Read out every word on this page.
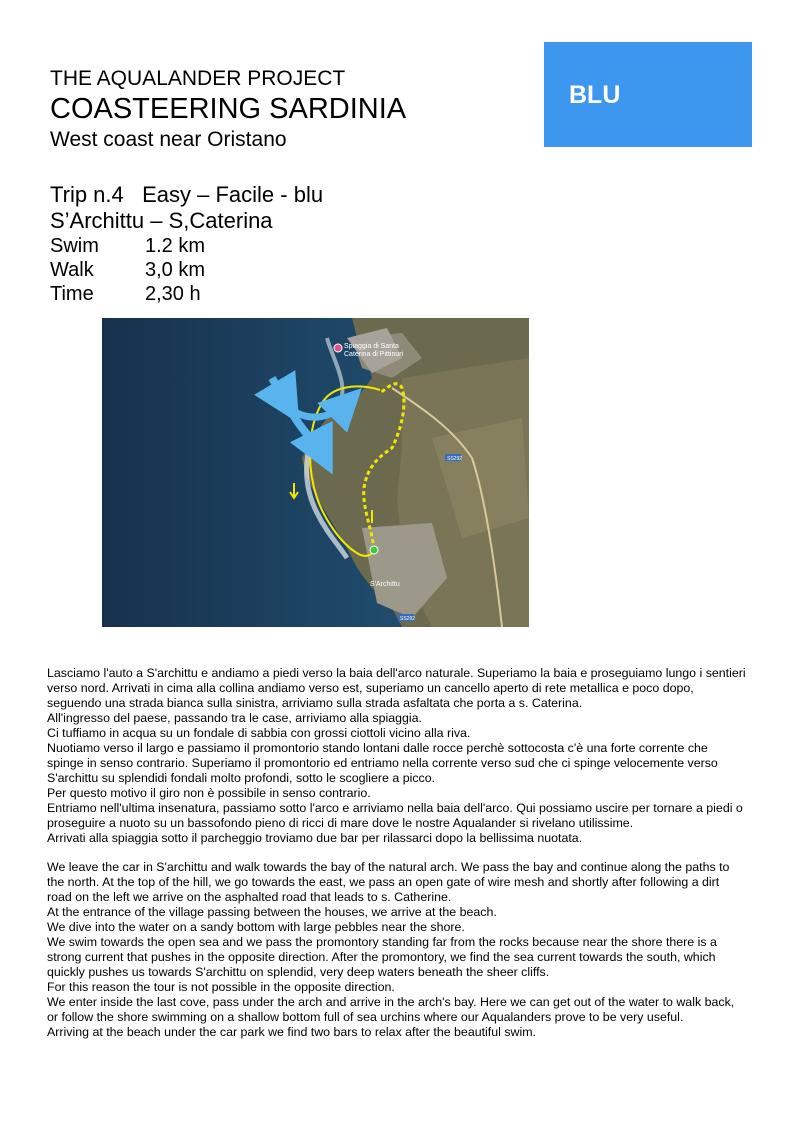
THE AQUALANDER PROJECT
COASTEERING SARDINIA
West coast near Oristano
BLU
Trip n.4   Easy – Facile - blu
S’Archittu – S,Caterina
Swim 1.2 km
Walk	3,0 km
Time	2,30 h
Spiaggia di Santa
Caterina di Pittinuri
S'Archittu
SS292
SS292

Lasciamo l'auto a S'archittu e andiamo a piedi verso la baia dell'arco naturale. Superiamo la baia e proseguiamo lungo i sentieri verso nord. Arrivati in cima alla collina andiamo verso est, superiamo un cancello aperto di rete metallica e poco dopo, seguendo una strada bianca sulla sinistra, arriviamo sulla strada asfaltata che porta a s. Caterina.

All'ingresso del paese, passando tra le case, arriviamo alla spiaggia.

Ci tuffiamo in acqua su un fondale di sabbia con grossi ciottoli vicino alla riva.

Nuotiamo verso il largo e passiamo il promontorio stando lontani dalle rocce perchè sottocosta c'è una forte corrente che spinge in senso contrario. Superiamo il promontorio ed entriamo nella corrente verso sud che ci spinge velocemente verso S'archittu su splendidi fondali molto profondi, sotto le scogliere a picco.

Per questo motivo il giro non è possibile in senso contrario.

Entriamo nell'ultima insenatura, passiamo sotto l'arco e arriviamo nella baia dell'arco. Qui possiamo uscire per tornare a piedi o proseguire a nuoto su un bassofondo pieno di ricci di mare dove le nostre Aqualander si rivelano utilissime.

Arrivati alla spiaggia sotto il parcheggio troviamo due bar per rilassarci dopo la bellissima nuotata.

We leave the car in S'archittu and walk towards the bay of the natural arch. We pass the bay and continue along the paths to the north. At the top of the hill, we go towards the east, we pass an open gate of wire mesh and shortly after following a dirt road on the left we arrive on the asphalted road that leads to s. Catherine.

At the entrance of the village passing between the houses, we arrive at the beach.

We dive into the water on a sandy bottom with large pebbles near the shore.

We swim towards the open sea and we pass the promontory standing far from the rocks because near the shore there is a strong current that pushes in the opposite direction. After the promontory, we find the sea current towards the south, which quickly pushes us towards S'archittu on splendid, very deep waters beneath the sheer cliffs.

For this reason the tour is not possible in the opposite direction.

We enter inside the last cove, pass under the arch and arrive in the arch's bay. Here we can get out of the water to walk back, or follow the shore swimming on a shallow bottom full of sea urchins where our Aqualanders prove to be very useful.

Arriving at the beach under the car park we find two bars to relax after the beautiful swim.
